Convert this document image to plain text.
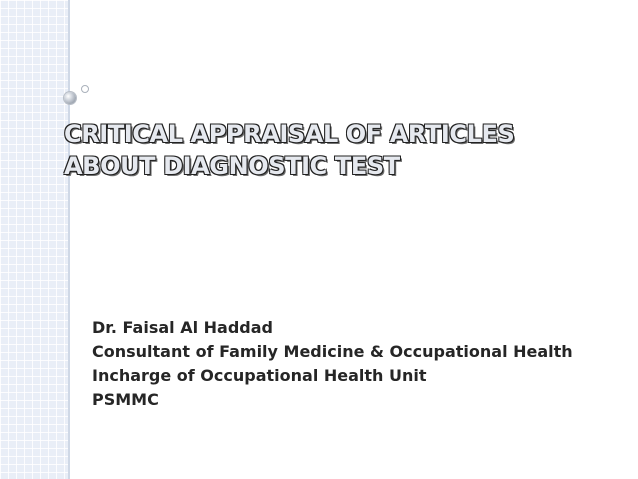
CRITICAL APPRAISAL OF ARTICLES
ABOUT DIAGNOSTIC TEST
Dr. Faisal Al Haddad
Consultant of Family Medicine & Occupational Health
Incharge of Occupational Health Unit
PSMMC
